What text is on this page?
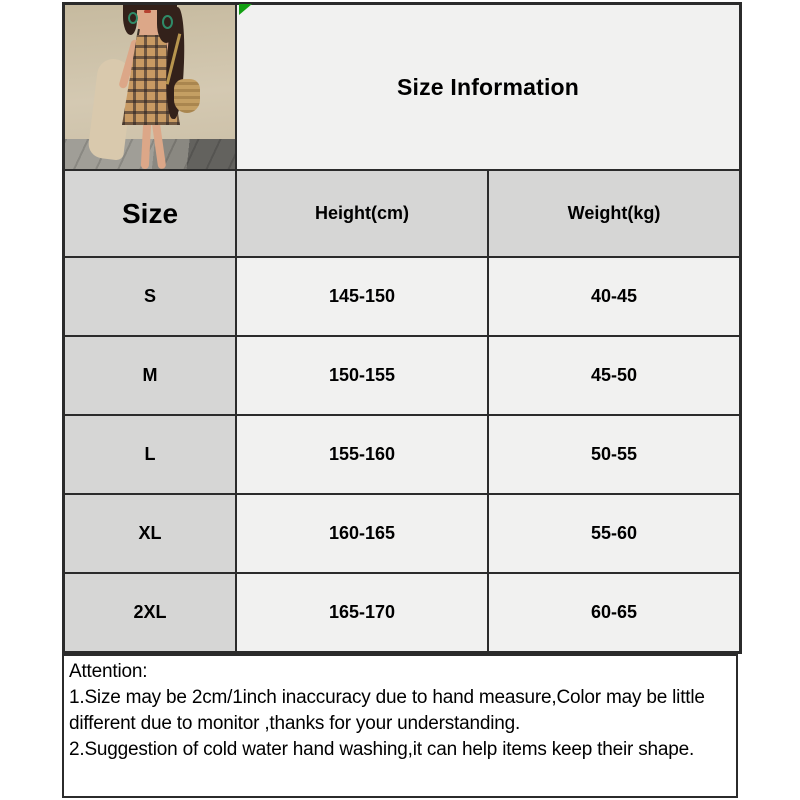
Size Information
Size	Height(cm)	Weight(kg)
S	145-150	40-45
M	150-155	45-50
L	155-160	50-55
XL	160-165	55-60
2XL	165-170	60-65
Attention:
1.Size may be 2cm/1inch inaccuracy due to hand measure,Color may be little
different due to monitor ,thanks for your understanding.
2.Suggestion of cold water hand washing,it can help items keep their shape.
